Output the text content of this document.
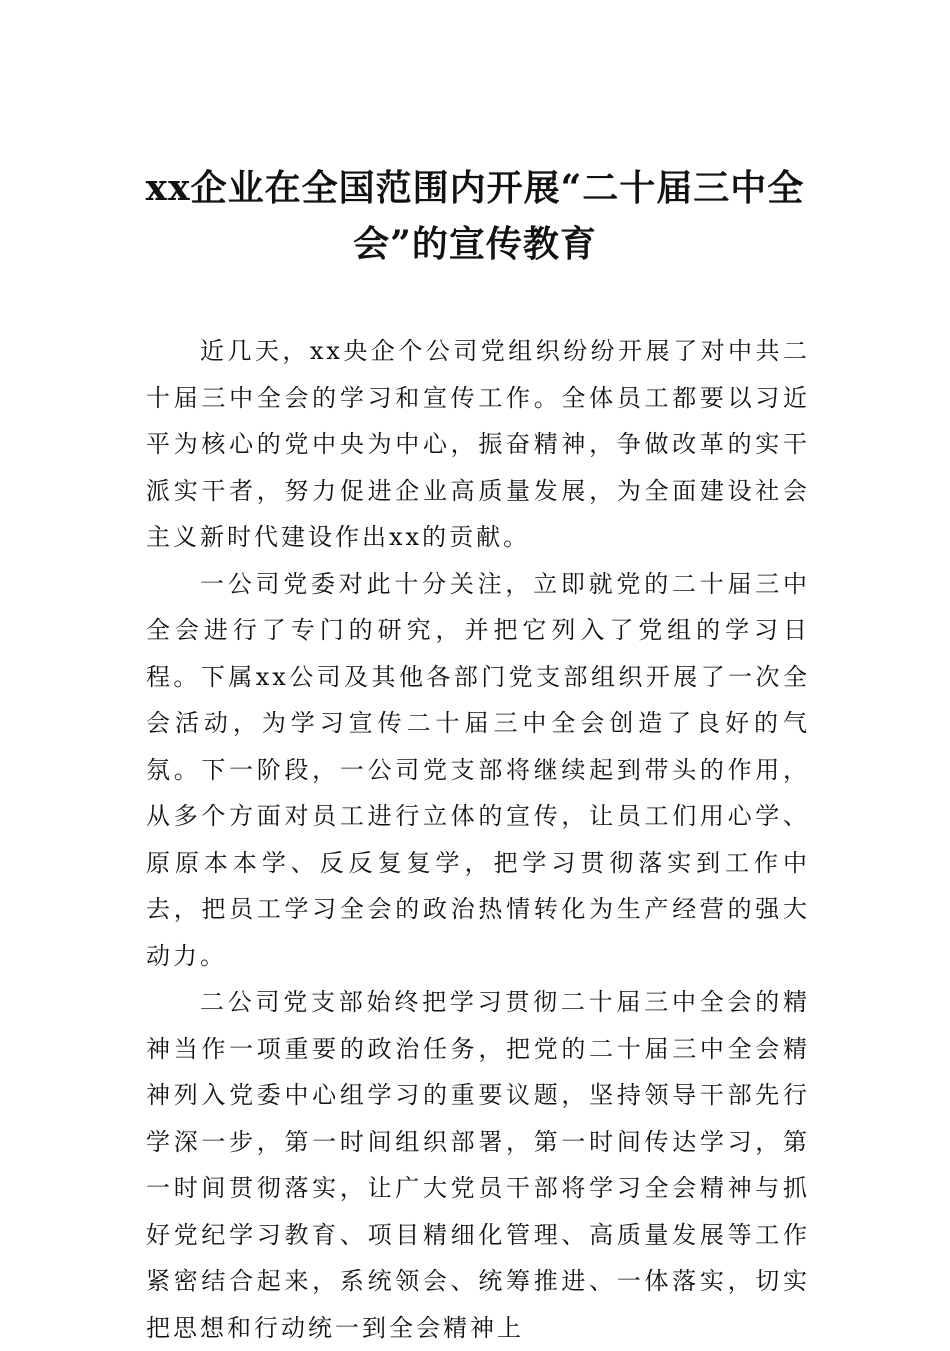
xx企业在全国范围内开展“二十届三中全
会”的宣传教育

近几天，xx央企个公司党组织纷纷开展了对中共二十届三中全会的学习和宣传工作。全体员工都要以习近平为核心的党中央为中心，振奋精神，争做改革的实干派实干者，努力促进企业高质量发展，为全面建设社会主义新时代建设作出xx的贡献。

一公司党委对此十分关注，立即就党的二十届三中全会进行了专门的研究，并把它列入了党组的学习日程。下属xx公司及其他各部门党支部组织开展了一次全会活动，为学习宣传二十届三中全会创造了良好的气氛。下一阶段，一公司党支部将继续起到带头的作用，从多个方面对员工进行立体的宣传，让员工们用心学、原原本本学、反反复复学，把学习贯彻落实到工作中去，把员工学习全会的政治热情转化为生产经营的强大动力。

二公司党支部始终把学习贯彻二十届三中全会的精神当作一项重要的政治任务，把党的二十届三中全会精神列入党委中心组学习的重要议题，坚持领导干部先行学深一步，第一时间组织部署，第一时间传达学习，第一时间贯彻落实，让广大党员干部将学习全会精神与抓好党纪学习教育、项目精细化管理、高质量发展等工作紧密结合起来，系统领会、统筹推进、一体落实，切实把思想和行动统一到全会精神上
